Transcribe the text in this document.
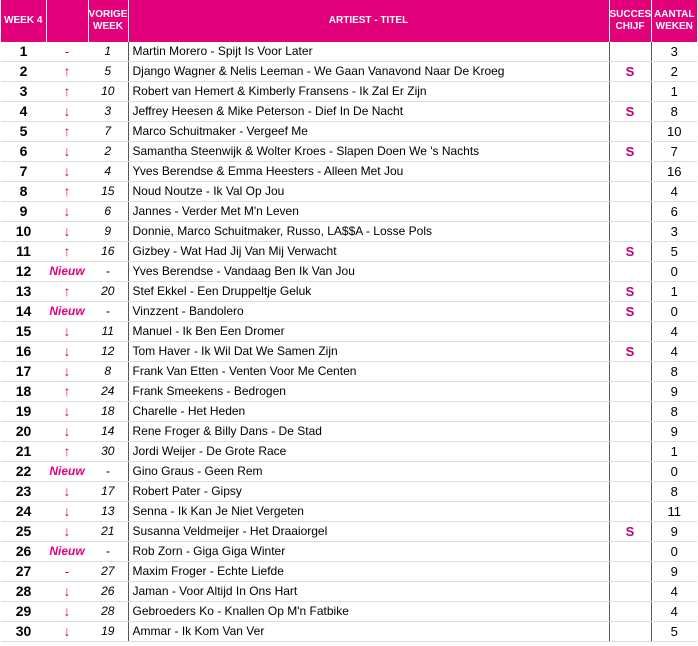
WEEK 4		VORIGE WEEK	ARTIEST - TITEL	SUCCES CHIJF	AANTAL WEKEN
1	-	1	Martin Morero - Spijt Is Voor Later		3
2	↑	5	Django Wagner & Nelis Leeman - We Gaan Vanavond Naar De Kroeg	S	2
3	↑	10	Robert van Hemert & Kimberly Fransens - Ik Zal Er Zijn		1
4	↓	3	Jeffrey Heesen & Mike Peterson - Dief In De Nacht	S	8
5	↑	7	Marco Schuitmaker - Vergeef Me		10
6	↓	2	Samantha Steenwijk & Wolter Kroes - Slapen Doen We 's Nachts	S	7
7	↓	4	Yves Berendse & Emma Heesters - Alleen Met Jou		16
8	↑	15	Noud Noutze - Ik Val Op Jou		4
9	↓	6	Jannes - Verder Met M'n Leven		6
10	↓	9	Donnie, Marco Schuitmaker, Russo, LA$$A - Losse Pols		3
11	↑	16	Gizbey - Wat Had Jij Van Mij Verwacht	S	5
12	Nieuw	-	Yves Berendse - Vandaag Ben Ik Van Jou		0
13	↑	20	Stef Ekkel - Een Druppeltje Geluk	S	1
14	Nieuw	-	Vinzzent - Bandolero	S	0
15	↓	11	Manuel - Ik Ben Een Dromer		4
16	↓	12	Tom Haver - Ik Wil Dat We Samen Zijn	S	4
17	↓	8	Frank Van Etten - Venten Voor Me Centen		8
18	↑	24	Frank Smeekens - Bedrogen		9
19	↓	18	Charelle - Het Heden		8
20	↓	14	Rene Froger & Billy Dans - De Stad		9
21	↑	30	Jordi Weijer - De Grote Race		1
22	Nieuw	-	Gino Graus - Geen Rem		0
23	↓	17	Robert Pater - Gipsy		8
24	↓	13	Senna - Ik Kan Je Niet Vergeten		11
25	↓	21	Susanna Veldmeijer - Het Draaiorgel	S	9
26	Nieuw	-	Rob Zorn - Giga Giga Winter		0
27	-	27	Maxim Froger - Echte Liefde		9
28	↓	26	Jaman - Voor Altijd In Ons Hart		4
29	↓	28	Gebroeders Ko - Knallen Op M'n Fatbike		4
30	↓	19	Ammar - Ik Kom Van Ver		5
